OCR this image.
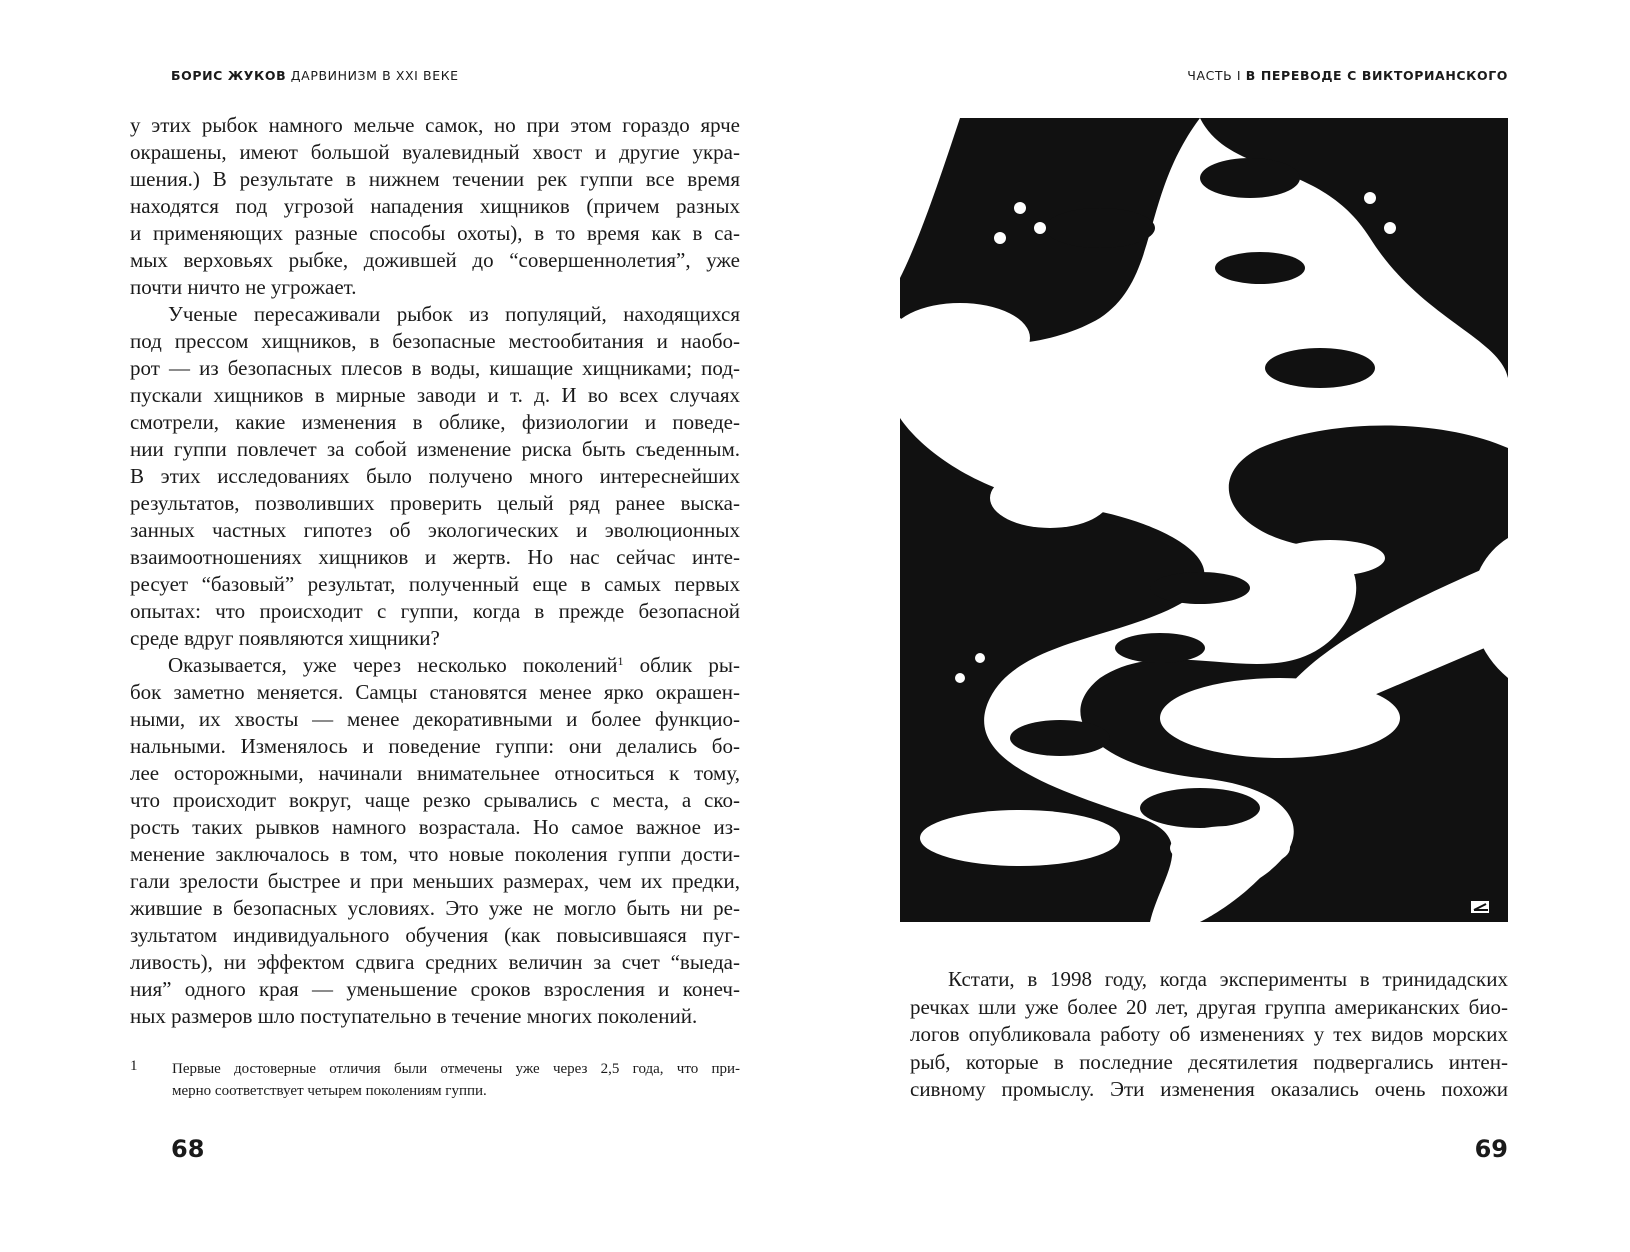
БОРИС ЖУКОВ ДАРВИНИЗМ В XXI ВЕКЕ	ЧАСТЬ I В ПЕРЕВОДЕ С ВИКТОРИАНСКОГО
у этих рыбок намного мельче самок, но при этом гораздо ярче
окрашены, имеют большой вуалевидный хвост и другие укра-
шения.) В результате в нижнем течении рек гуппи все время
находятся под угрозой нападения хищников (причем разных
и применяющих разные способы охоты), в то время как в са-
мых верховьях рыбке, дожившей до “совершеннолетия”, уже
почти ничто не угрожает.
Ученые пересаживали рыбок из популяций, находящихся
под прессом хищников, в безопасные местообитания и наобо-
рот — из безопасных плесов в воды, кишащие хищниками; под-
пускали хищников в мирные заводи и т. д. И во всех случаях
смотрели, какие изменения в облике, физиологии и поведе-
нии гуппи повлечет за собой изменение риска быть съеденным.
В этих исследованиях было получено много интереснейших
результатов, позволивших проверить целый ряд ранее выска-
занных частных гипотез об экологических и эволюционных
взаимоотношениях хищников и жертв. Но нас сейчас инте-
ресует “базовый” результат, полученный еще в самых первых
опытах: что происходит с гуппи, когда в прежде безопасной
среде вдруг появляются хищники?
Оказывается, уже через несколько поколений$^1$ облик ры-
бок заметно меняется. Самцы становятся менее ярко окрашен-
ными, их хвосты — менее декоративными и более функцио-
нальными. Изменялось и поведение гуппи: они делались бо-
лее осторожными, начинали внимательнее относиться к тому,
что происходит вокруг, чаще резко срывались с места, а ско-
рость таких рывков намного возрастала. Но самое важное из-
менение заключалось в том, что новые поколения гуппи дости-
гали зрелости быстрее и при меньших размерах, чем их предки,
жившие в безопасных условиях. Это уже не могло быть ни ре-
зультатом индивидуального обучения (как повысившаяся пуг-
ливость), ни эффектом сдвига средних величин за счет “выеда-
ния” одного края — уменьшение сроков взросления и конеч-
ных размеров шло поступательно в течение многих поколений.
1 Первые достоверные отличия были отмечены уже через 2,5 года, что при-
мерно соответствует четырем поколениям гуппи.
68
Кстати, в 1998 году, когда эксперименты в тринидадских
речках шли уже более 20 лет, другая группа американских био-
логов опубликовала работу об изменениях у тех видов морских
рыб, которые в последние десятилетия подвергались интен-
сивному промыслу. Эти изменения оказались очень похожи
69
